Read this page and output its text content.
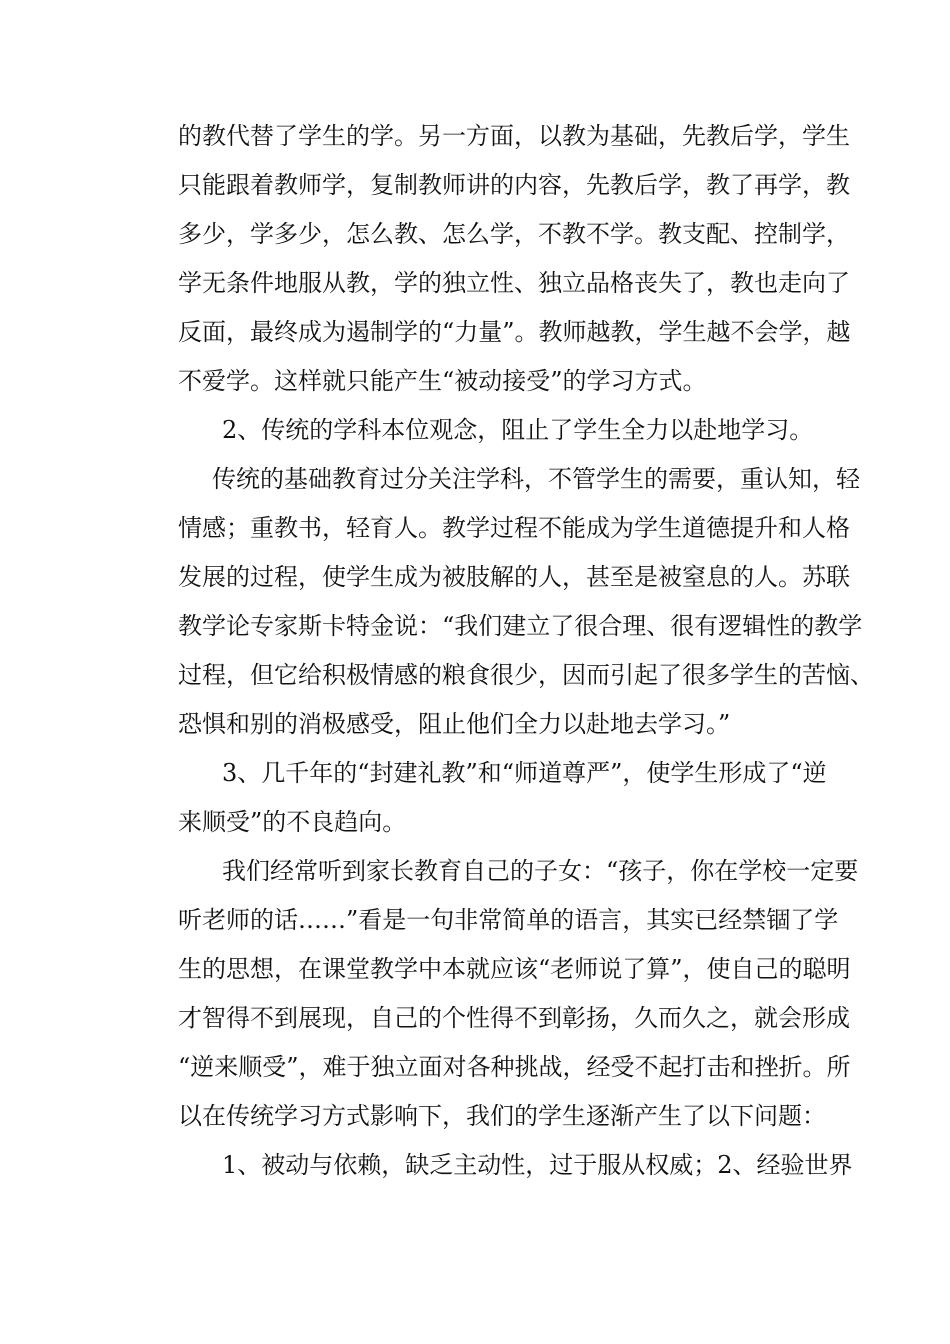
的教代替了学生的学。另一方面，以教为基础，先教后学，学生
只能跟着教师学，复制教师讲的内容，先教后学，教了再学，教
多少，学多少，怎么教、怎么学，不教不学。教支配、控制学，
学无条件地服从教，学的独立性、独立品格丧失了，教也走向了
反面，最终成为遏制学的“力量”。教师越教，学生越不会学，越
不爱学。这样就只能产生“被动接受”的学习方式。
2、传统的学科本位观念，阻止了学生全力以赴地学习。
传统的基础教育过分关注学科，不管学生的需要，重认知，轻
情感；重教书，轻育人。教学过程不能成为学生道德提升和人格
发展的过程，使学生成为被肢解的人，甚至是被窒息的人。苏联
教学论专家斯卡特金说：“我们建立了很合理、很有逻辑性的教学
过程，但它给积极情感的粮食很少，因而引起了很多学生的苦恼、
恐惧和别的消极感受，阻止他们全力以赴地去学习。”
3、几千年的“封建礼教”和“师道尊严”，使学生形成了“逆
来顺受”的不良趋向。
我们经常听到家长教育自己的子女：“孩子，你在学校一定要
听老师的话……”看是一句非常简单的语言，其实已经禁锢了学
生的思想，在课堂教学中本就应该“老师说了算”，使自己的聪明
才智得不到展现，自己的个性得不到彰扬，久而久之，就会形成
“逆来顺受”，难于独立面对各种挑战，经受不起打击和挫折。所
以在传统学习方式影响下，我们的学生逐渐产生了以下问题：
1、被动与依赖，缺乏主动性，过于服从权威；2、经验世界
